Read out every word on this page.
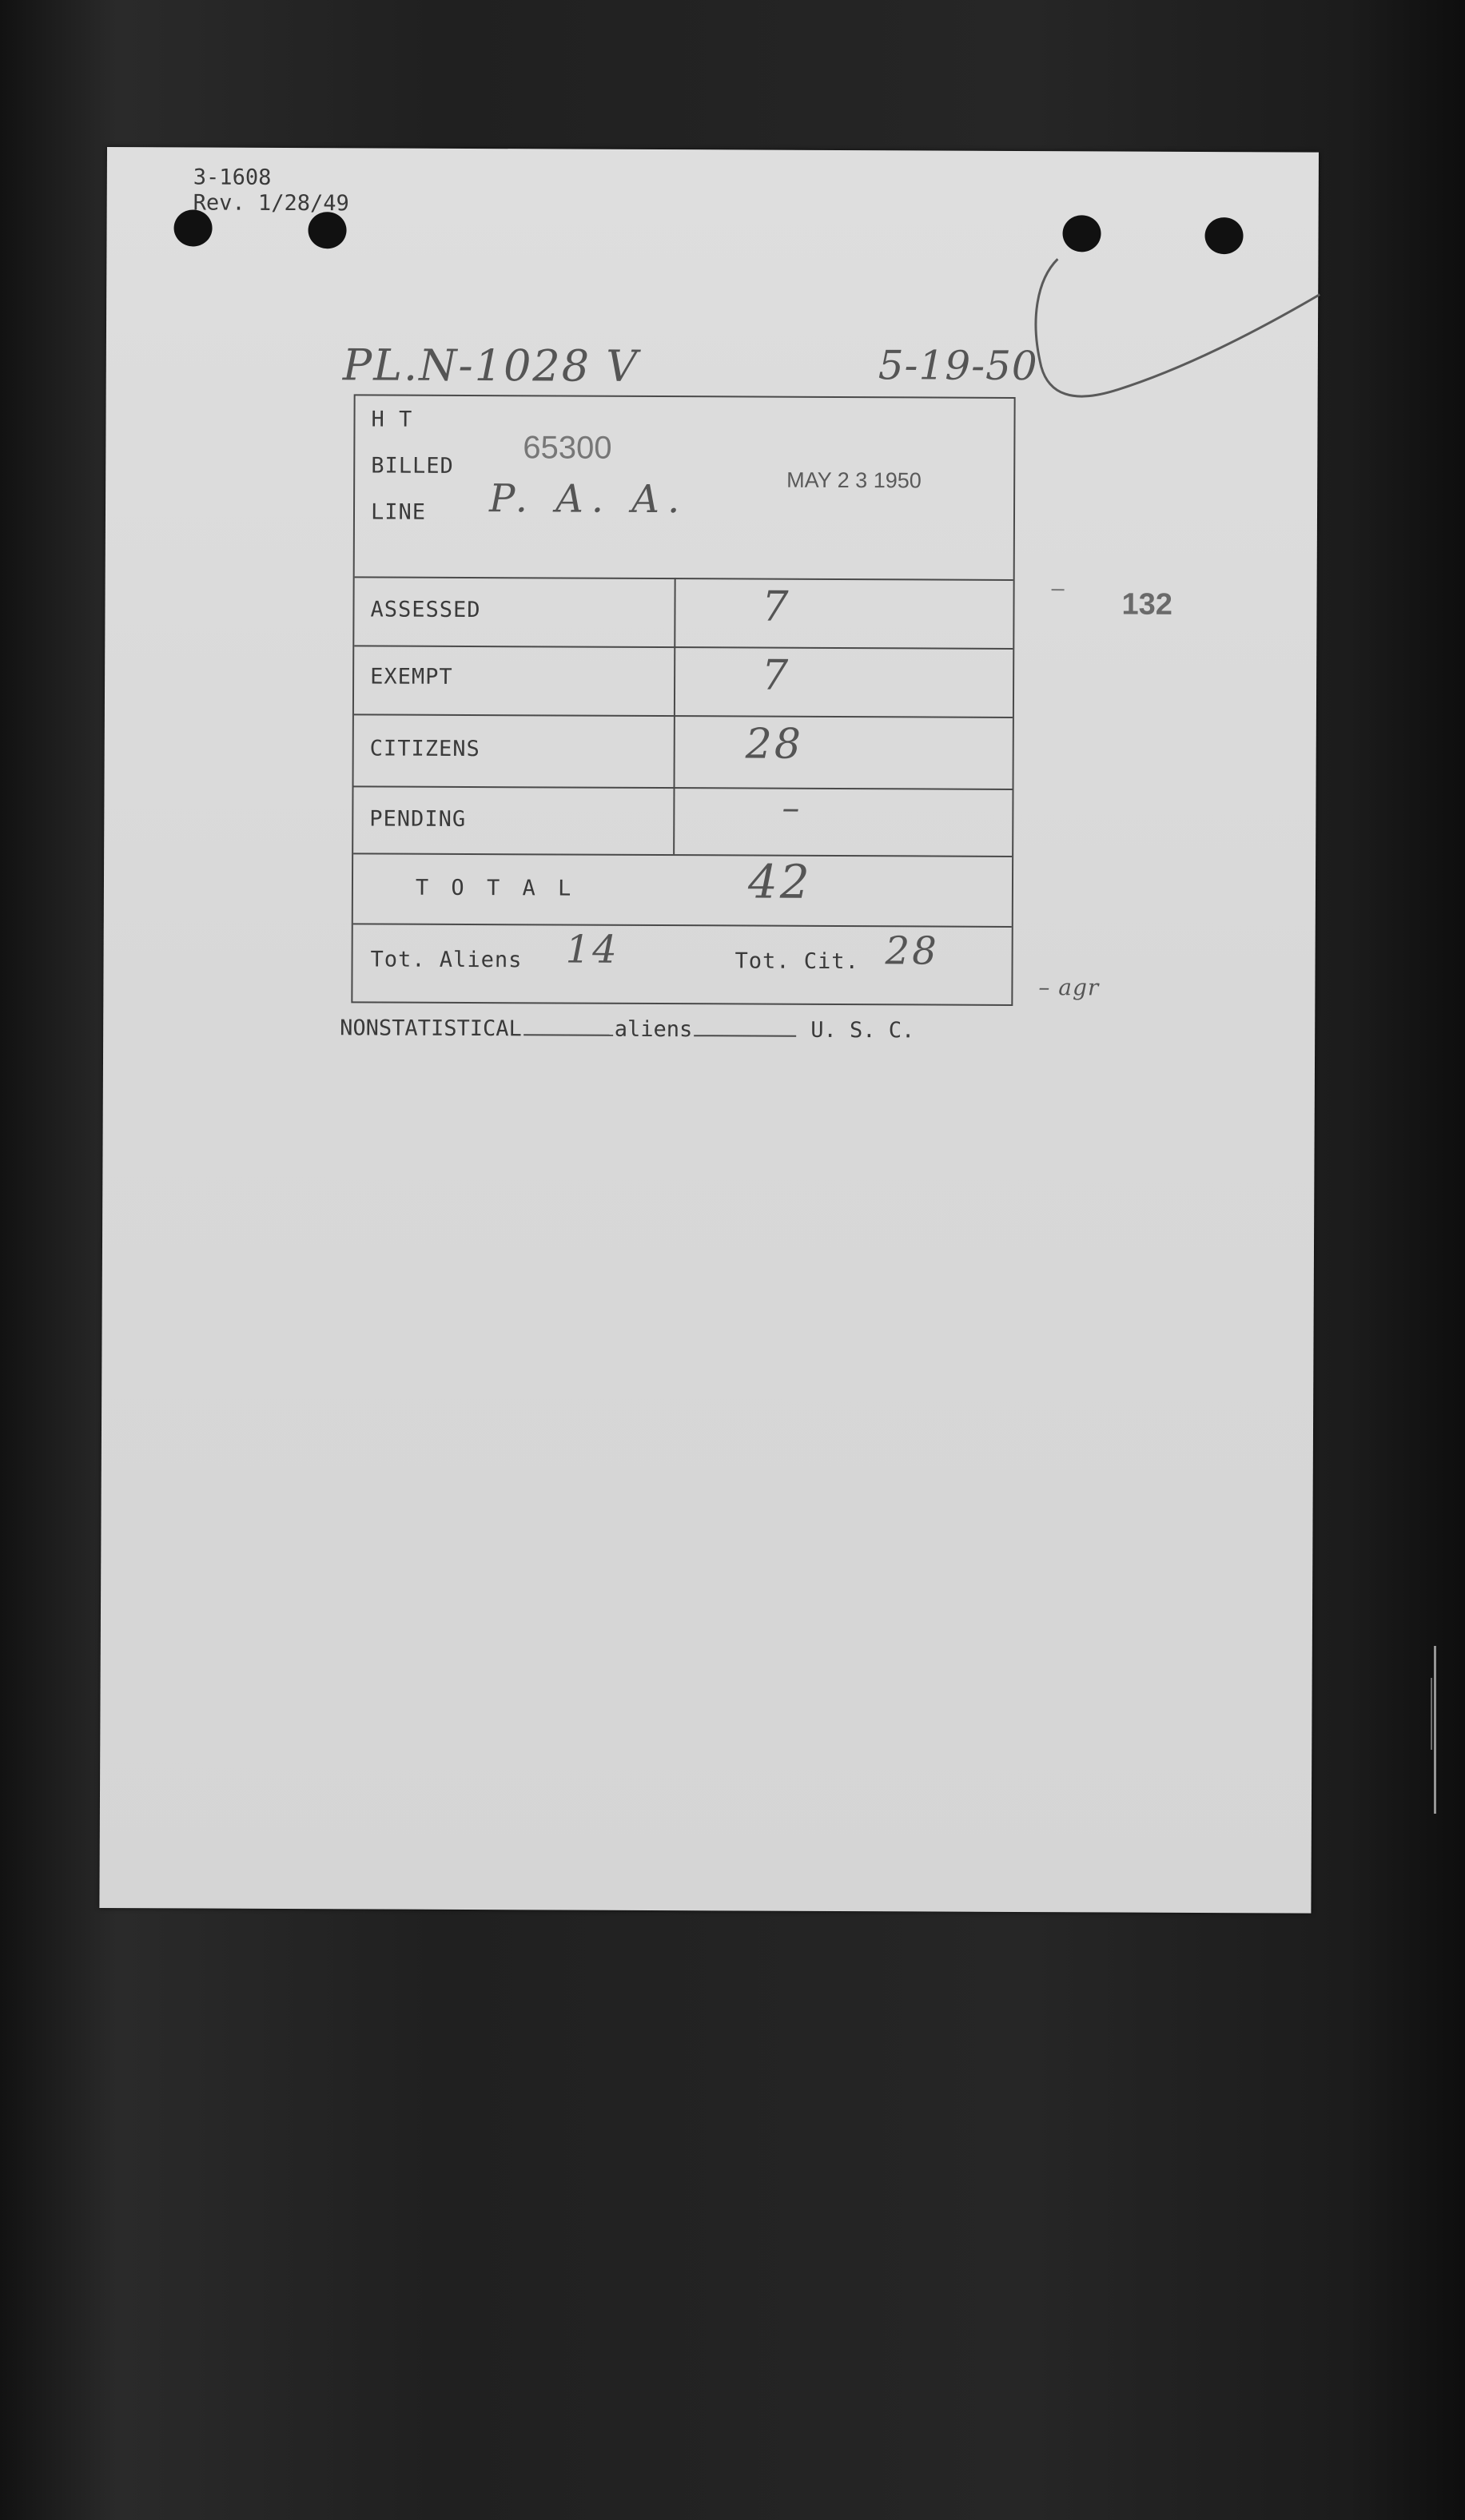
3-1608
Rev. 1/28/49
PL.N-1028 V	5-19-50
132
H T
BILLED
65300
LINE P. A. A.	MAY 2 3 1950
ASSESSED	7
EXEMPT	7
CITIZENS	28
PENDING	–
T O T A L	42
Tot. Aliens 14	Tot. Cit. 28
– agr
NONSTATISTICAL	aliens	U. S. C.
